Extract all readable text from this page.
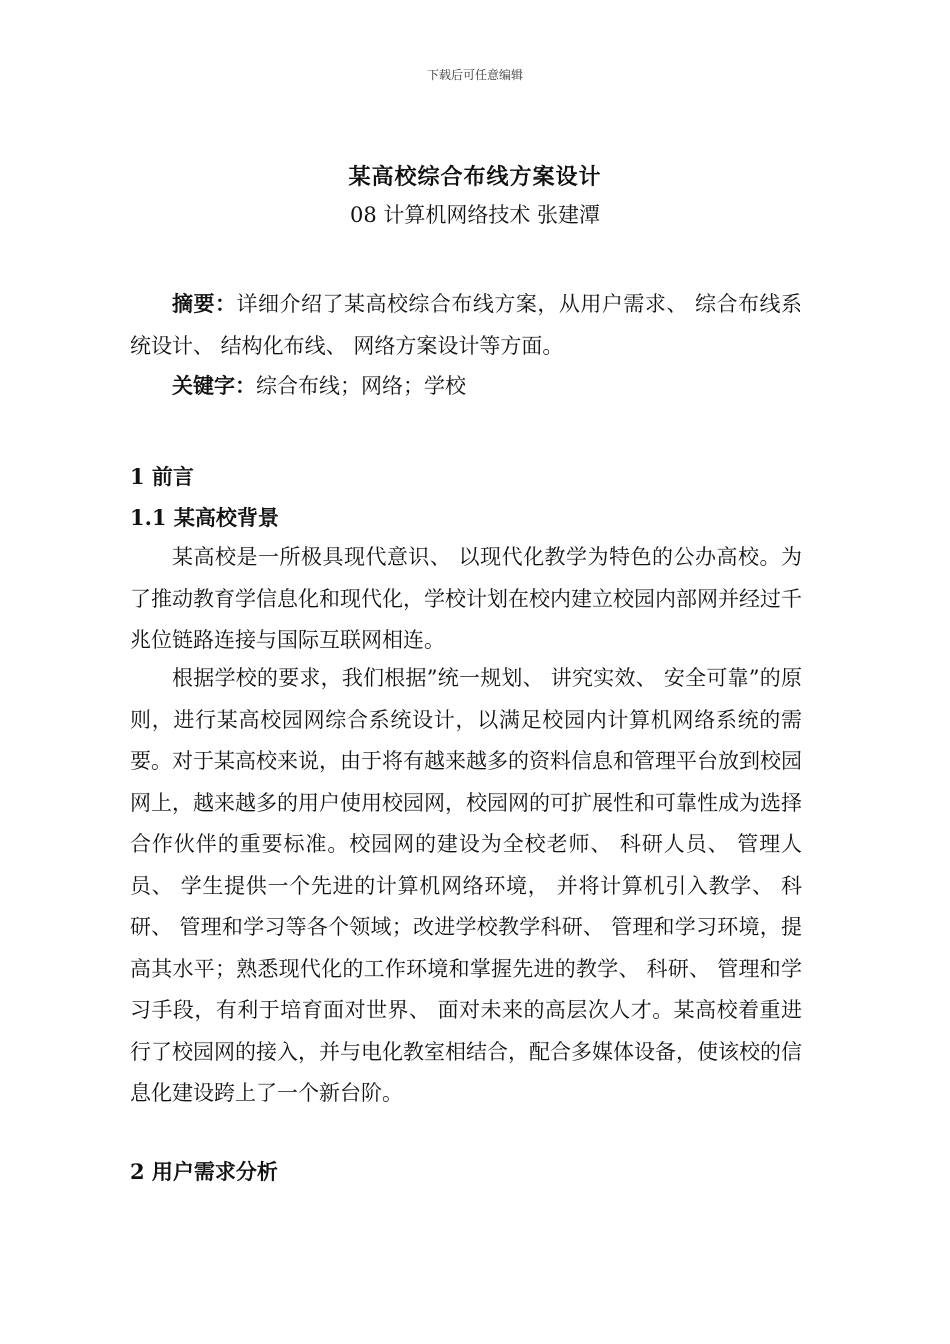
下载后可任意编辑
某高校综合布线方案设计
08 计算机网络技术 张建潭
摘要：详细介绍了某高校综合布线方案，从用户需求、 综合布线系统设计、 结构化布线、 网络方案设计等方面。
关键字：综合布线；网络；学校
1 前言
1.1 某高校背景

某高校是一所极具现代意识、 以现代化教学为特色的公办高校。为了推动教育学信息化和现代化，学校计划在校内建立校园内部网并经过千兆位链路连接与国际互联网相连。

根据学校的要求，我们根据”统一规划、 讲究实效、 安全可靠”的原则，进行某高校园网综合系统设计，以满足校园内计算机网络系统的需要。对于某高校来说，由于将有越来越多的资料信息和管理平台放到校园网上，越来越多的用户使用校园网，校园网的可扩展性和可靠性成为选择合作伙伴的重要标准。校园网的建设为全校老师、 科研人员、 管理人员、 学生提供一个先进的计算机网络环境， 并将计算机引入教学、 科研、 管理和学习等各个领域；改进学校教学科研、 管理和学习环境，提高其水平；熟悉现代化的工作环境和掌握先进的教学、 科研、 管理和学习手段，有利于培育面对世界、 面对未来的高层次人才。某高校着重进行了校园网的接入，并与电化教室相结合，配合多媒体设备，使该校的信息化建设跨上了一个新台阶。

2 用户需求分析
